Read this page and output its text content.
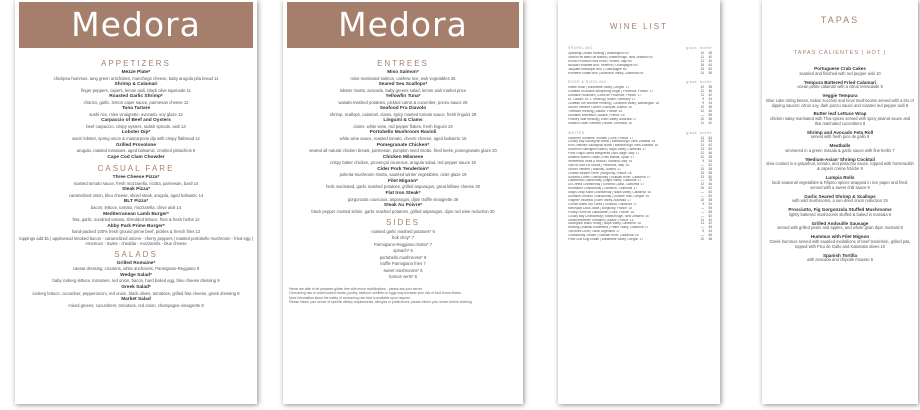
Medora
APPETIZERS
Mezze Plate*
chickpea hummus, tang green artichokes, manchego cheese, baby arugula pita bread 11
Shrimp & Calamari
finger peppers, capers, lemon aioli, black olive tapenade 11
Roasted Garlic Shrimp*
chorizo, garlic, lemon caper sauce, parmesan cheese 12
Tuna Tartare
sushi rice, miso vinaigrette, avocado, soy glaze 12
Carpaccio of Beef and Oysters
beef carpaccio, crispy oysters, radish sprouts, aioli 13
Lobster Dip*
warm lobster, spring onion & mascarpone dip with crispy flatbread 12
Grilled Provolone
arugula, roasted tomatoes, aged balsamic, crushed pistachios 9
Cape Cod Clam Chowder
CASUAL FARE
Three Cheese Pizza*
roasted tomato sauce, fresh mozzarella, ricotta, parmesan, basil 14
Steak Pizza*
caramelized onion, bleu cheese, sliced steak, arugula, aged balsamic 14
BLT Pizza*
bacon, lettuce, tomato, mozzarella, chive aioli 14
Mediterranean Lamb Burger*
feta, garlic, sundried tomato, shredded lettuce, fries & fresh herbs 12
Abby Park Prime Burger*
hand-packed 100% fresh ground prime beef, pickles & french fries 12
toppings add $1 | applewood smoked bacon - caramelized onions - cherry peppers | roasted portobello mushroom - fried egg | American - Swiss - cheddar - mozzarella - blue cheese
SALADS
Grilled Romaine*
caesar dressing, croutons, white anchovies, Parmigiano-Reggiano 9
Wedge Salad*
baby iceberg lettuce, tomatoes, red onion, bacon, hard boiled egg, bleu cheese dressing 9
Greek Salad*
iceberg lettuce, cucumber, pepperoncini, red onion, black olives, tomatoes, grilled feta cheese, greek dressing 9
Market Salad
mixed greens, cucumbers, tomatoes, red onion, champagne vinaigrette 8
Medora
ENTREES
Miso Salmon*
miso-marinated salmon, cashew rice, wok vegetables 25
Seared Sea Scallops*
lobster risotto, avocado, baby greens salad, lemon aioli market price
Yellowfin Tuna*
wasabi-mashed potatoes, pickled carrot & cucumber, ponzu sauce 28
Seafood Fra Diavolo
shrimp, scallops, calamari, clams, spicy roasted tomato sauce, fresh linguini 29
Linguini & Clams
clams, white wine, red pepper flakes, fresh linguini 19
Portobello Mushroom Ravioli
white wine sauce, roasted tomato, chevre cheese, aged balsamic 18
Pomegranate Chicken*
seared all natural chicken breast, parmesan, pumpkin seed risotto, fried leeks, pomegranate glaze 20
Chicken Milanese
crispy batter chicken, provençal couscous, arugula salad, red pepper sauce 19
Cider Pork Tenderloin*
polenta-mushroom risotto, sautéed winter vegetables, cider glaze 19
Filet Mignon*
herb marinated, garlic mashed potatoes, grilled asparagus, great kibbee cheese 30
Flat Iron Steak*
gorgonzola couscous, asparagus, dijon truffle vinaigrette 26
Steak Au Poivre*
black pepper crusted sirloin, garlic mashed potatoes, grilled asparagus, dijon red wine reduction 30
SIDES
roasted garlic mashed potatoes* 6
bok choy* 7
Parmigiano-Reggiano risotto* 7
spinach* 6
portobello mushrooms* 6
truffle Parmigiano fries 7
sweet mushrooms* 6
haricot verts* 6
*items are able to be prepared gluten free with minor modifications - please ask your server
Consuming raw or undercooked meats, poultry, seafood, shellfish or eggs may increase your risk of food borne illness.
More information about the safety of consuming raw food is available upon request.
Please inform your server of specific dietary requirements, allergies or preferences. please inform your server before ordering.
WINE LIST
SPARKLING	glass bottle
Sparkling Cellars Riesling | Washington NV	10	38
Gifford Hill Blanc de Blancs | Marlborough, New Zealand NV	11	40
Rondo Prosecco Brut Rosé | Veneto, Italy NV	11	40
Nicolas Feuillatte Brut, Réserve | Champagne NV	16	64
Jacquart Mosaïque Brut | Champagne NV	15	60
Roederer Estate Brut | Anderson Valley, California NV	14	56
ROSÉ & RIESLING	glass bottle
Kabeli Rosé | Willamette Valley, Oregon '17	10	38
Château d'Esclans Whispering Angel | Provence, France '17	12	46
Domaine Houchart | Côtes de Provence, France '17	11	42
Dr. Loosen 'Dr. L' Riesling | Mosel, Germany '17	9	34
Chateau Ste Michelle Riesling | Columbia Valley, Washington '16	9	34
Gruner Veltliner Loimer | Kamptal, Austria '16	10	38
Trimbach Riesling | Alsace, France '15	12	46
Domaine Weinbach | Alsace, France '16	—	58
Pewsey Vale Riesling | Eden Valley, Australia '17	10	38
Selbach-Oster Kabinett | Mosel, Germany '16	11	42
WHITES	glass bottle
Sancerre Domaine Thomas | Loire, France '17	14	54
Cloudy Bay Sauvignon Blanc | Marlborough, New Zealand '18	14	54
Kim Crawford Sauvignon Blanc | Marlborough, New Zealand '18	11	42
Duckhorn Sauvignon Blanc | Napa Valley, California '17	13	50
Pinot Grigio Santa Margherita | Alto Adige, Italy '17	12	46
Albariño Martín Códax | Rías Baixas, Spain '17	10	38
Vermentino Sella & Mosca | Sardinia, Italy '16	9	34
Gavi di Gavi La Scolca | Piedmont, Italy '16	—	52
Grüner Veltliner | Wachau, Austria '17	10	38
Chablis William Fèvre | Burgundy, France '16	15	58
Sonoma-Cutrer Chardonnay | Russian River, California '17	13	50
Cakebread Chardonnay | Napa Valley, California '17	—	78
La Crema Chardonnay | Sonoma Coast, California '17	12	46
Rombauer Chardonnay | Carneros, California '17	16	62
Stag's Leap Karia Chardonnay | Napa Valley, California '16	—	64
Domaine Drouhin Chardonnay | Dundee Hills, Oregon '16	—	60
Viognier Yalumba | Eden Valley, Australia '17	10	38
Chenin Blanc Dry Creek | Sonoma, California '17	9	34
Meursault Louis Jadot | Burgundy, France '15	—	96
Pouilly-Fumé de Ladoucette | Loire, France '16	—	68
Cloudy Bay Chardonnay | Marlborough, New Zealand '16	—	62
Gewürztraminer Trimbach | Alsace, France '15	11	42
Sauvignon Blanc Honig | Napa Valley, California '18	11	42
Riesling Chateau Montelena | Potter Valley, California '17	—	48
Torrontés Crios | Salta, Argentina '17	9	34
Chardonnay Jordan | Russian River, California '16	—	66
Pinot Gris King Estate | Willamette Valley, Oregon '17	10	38
TAPAS
TAPAS CALIENTES | HOT |
Portuguese Crab Cakes
sautéed and finished with red pepper aioli 10
Tempura Battered Fried Calamari
ocean petite calamari with a citrus remoulade 9
Veggie Tempura
Blue Lake string beans, Italian zucchini and local mushrooms served with a trio of dipping sauces: citrus soy, dark ponzu sauce and roasted red pepper aioli 8
Butter leaf Lettuce Wrap
chicken satay marinated with Thai spices served with spicy peanut sauce and thai marinated cucumbers 8
Shrimp and Avocado Feta Roll
served with fresh pico de gallo 9
Meatballs
simmered in a green masala & garlic sauce with fine herbs 7
'Medium-Asian' Shrimp Cocktail
slow cooked in a grapefruit, tomato, and pistachio sauce, topped with horseradish & capers crème fraîche 9
Lumpia Rolls
local seasonal vegetables & Filipino spices wrapped in rice paper and fried, served with a sweet chili sauce 8
Garlic Seared Shrimp & Scallops
with wild mushrooms, a sun-dried onion reduction 15
Prosciutto, Fig Gorgonzola Stuffed Mushrooms
lightly battered mushrooms stuffed & baked in marsala 9
Grilled Andouille Sausage
served with grilled pears and apples, and whole grain dijon mustard 8
Hummus with Filet Mignon
Greek hummus served with sautéed medallions of beef tenderloin, grilled pita, topped with Pico de Gallo and Kalamata olives 10
Spanish Tortilla
with avocado and chipotle mousse 6
